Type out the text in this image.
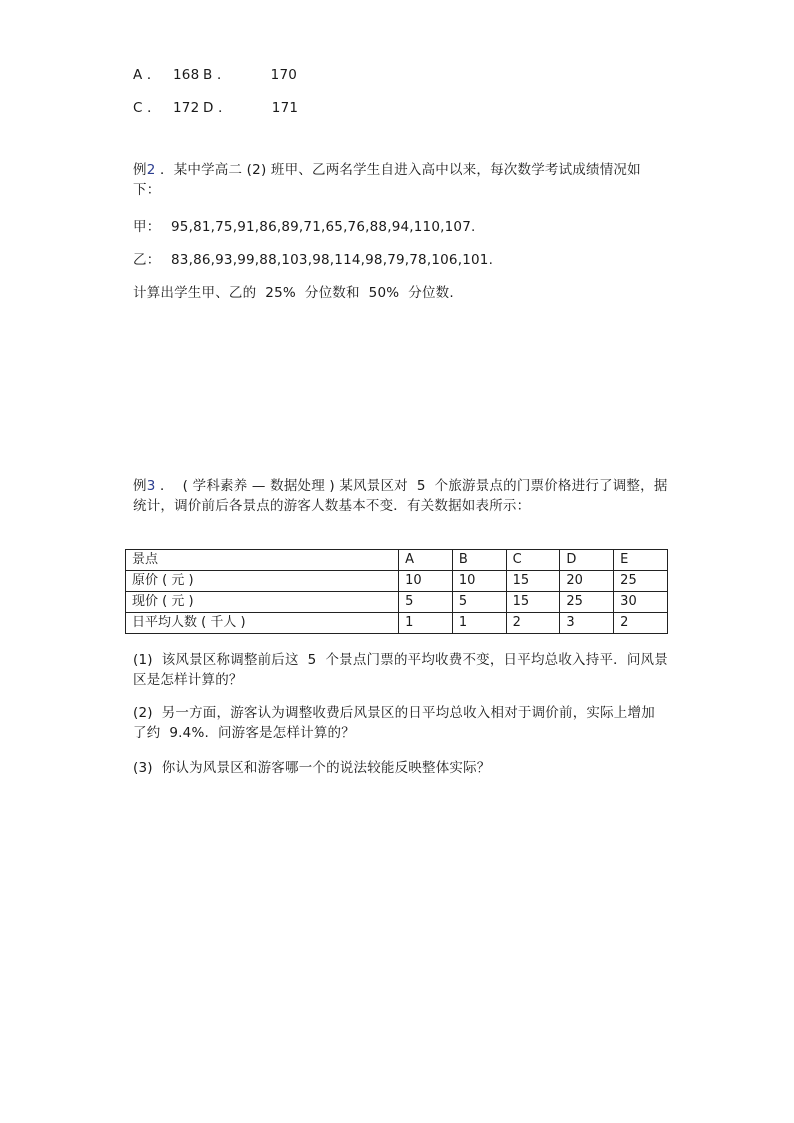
A ． 168 B ．	170
C ． 172 D ．	171
例2 ．某中学高二 (2) 班甲、乙两名学生自进入高中以来，每次数学考试成绩情况如下：
甲： 95,81,75,91,86,89,71,65,76,88,94,110,107.
乙： 83,86,93,99,88,103,98,114,98,79,78,106,101.
计算出学生甲、乙的  25%  分位数和  50%  分位数.
例3 ．  ( 学科素养 — 数据处理 ) 某风景区对  5  个旅游景点的门票价格进行了调整，据统计，调价前后各景点的游客人数基本不变．有关数据如表所示：
景点	A	B	C	D	E
原价 ( 元 )	10	10	15	20	25
现价 ( 元 )	5	5	15	25	30
日平均人数 ( 千人 )	1	1	2	3	2
(1)  该风景区称调整前后这  5  个景点门票的平均收费不变，日平均总收入持平．问风景区是怎样计算的？
(2)  另一方面，游客认为调整收费后风景区的日平均总收入相对于调价前，实际上增加了约  9.4%.  问游客是怎样计算的？
(3)  你认为风景区和游客哪一个的说法较能反映整体实际？
